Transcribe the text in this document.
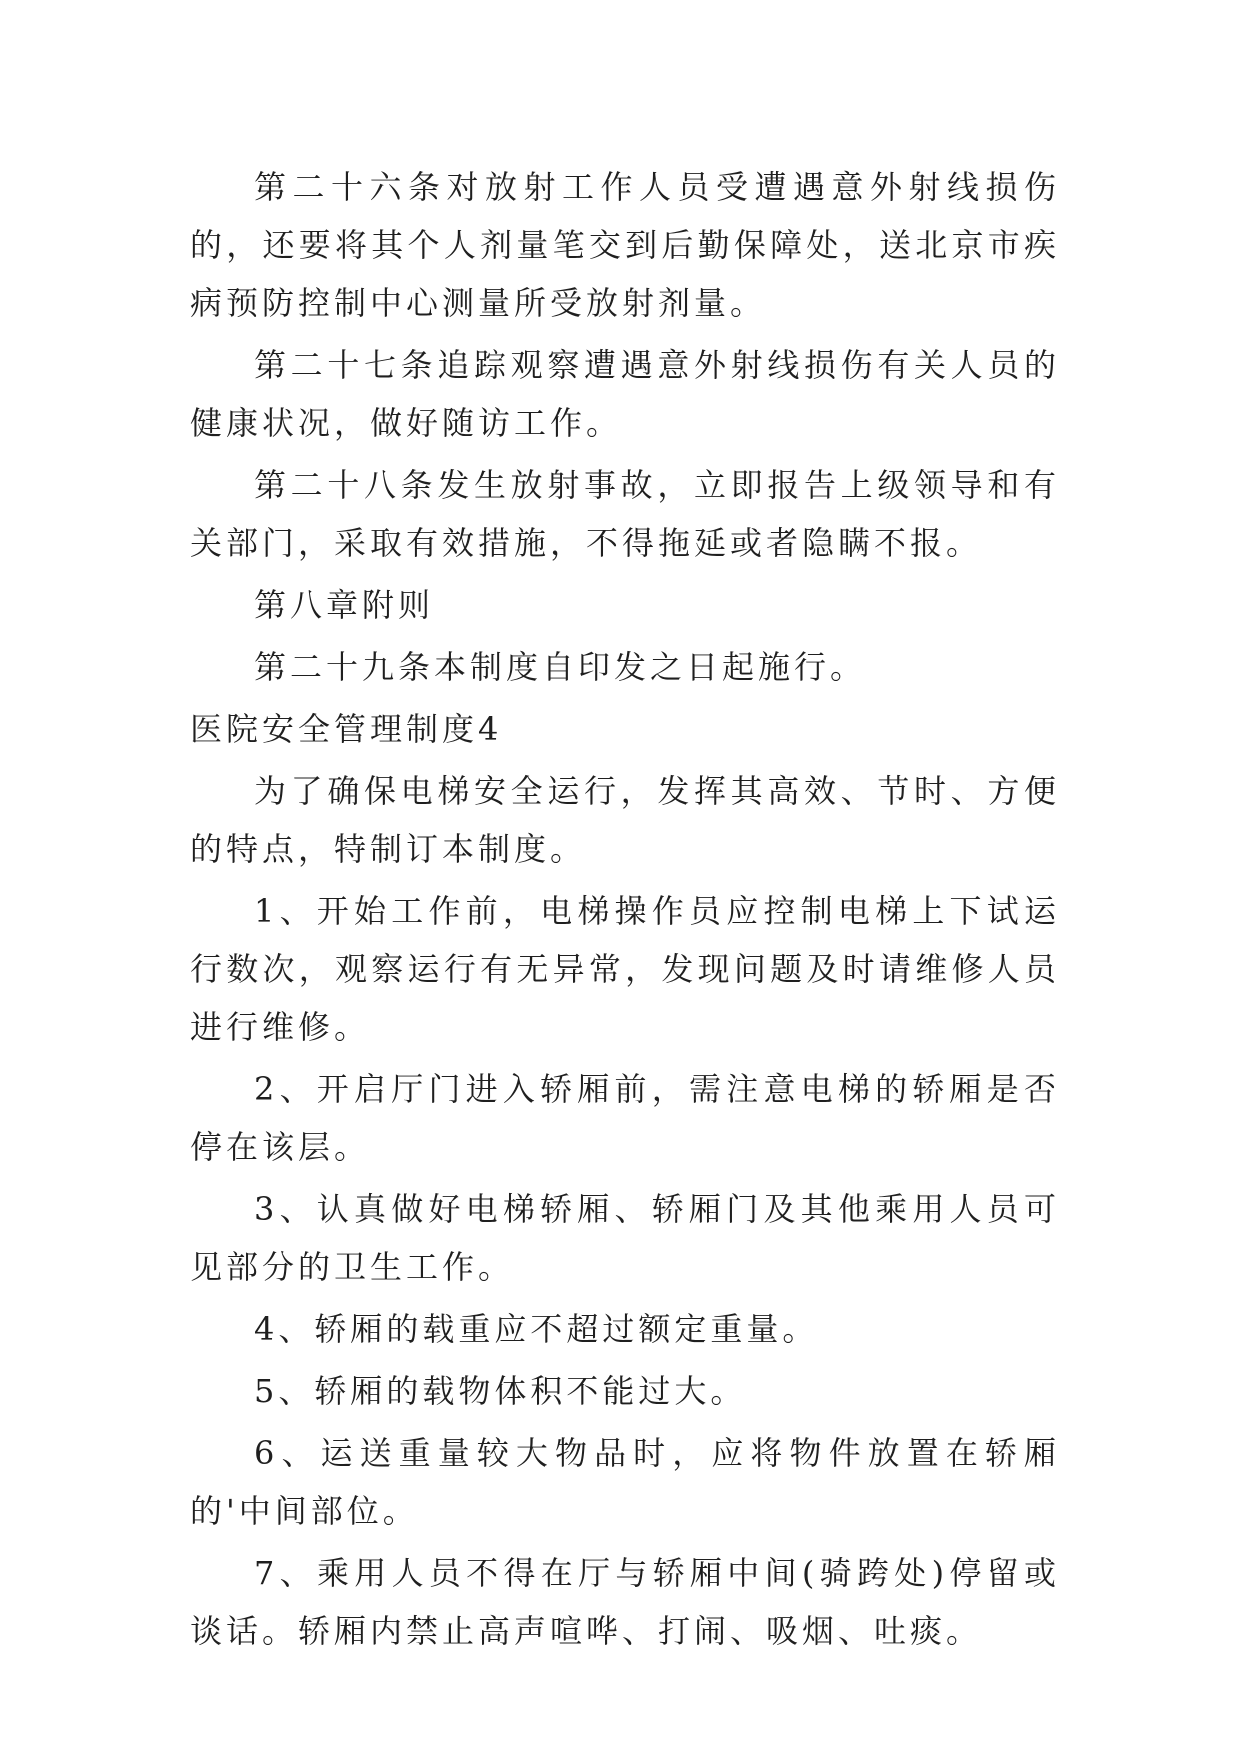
第二十六条对放射工作人员受遭遇意外射线损伤的，还要将其个人剂量笔交到后勤保障处，送北京市疾病预防控制中心测量所受放射剂量。

第二十七条追踪观察遭遇意外射线损伤有关人员的健康状况，做好随访工作。

第二十八条发生放射事故，立即报告上级领导和有关部门，采取有效措施，不得拖延或者隐瞒不报。

第八章附则

第二十九条本制度自印发之日起施行。

医院安全管理制度4

为了确保电梯安全运行，发挥其高效、节时、方便的特点，特制订本制度。

1、开始工作前，电梯操作员应控制电梯上下试运行数次，观察运行有无异常，发现问题及时请维修人员进行维修。

2、开启厅门进入轿厢前，需注意电梯的轿厢是否停在该层。

3、认真做好电梯轿厢、轿厢门及其他乘用人员可见部分的卫生工作。

4、轿厢的载重应不超过额定重量。

5、轿厢的载物体积不能过大。

6、运送重量较大物品时，应将物件放置在轿厢的'中间部位。

7、乘用人员不得在厅与轿厢中间(骑跨处)停留或谈话。轿厢内禁止高声喧哗、打闹、吸烟、吐痰。
